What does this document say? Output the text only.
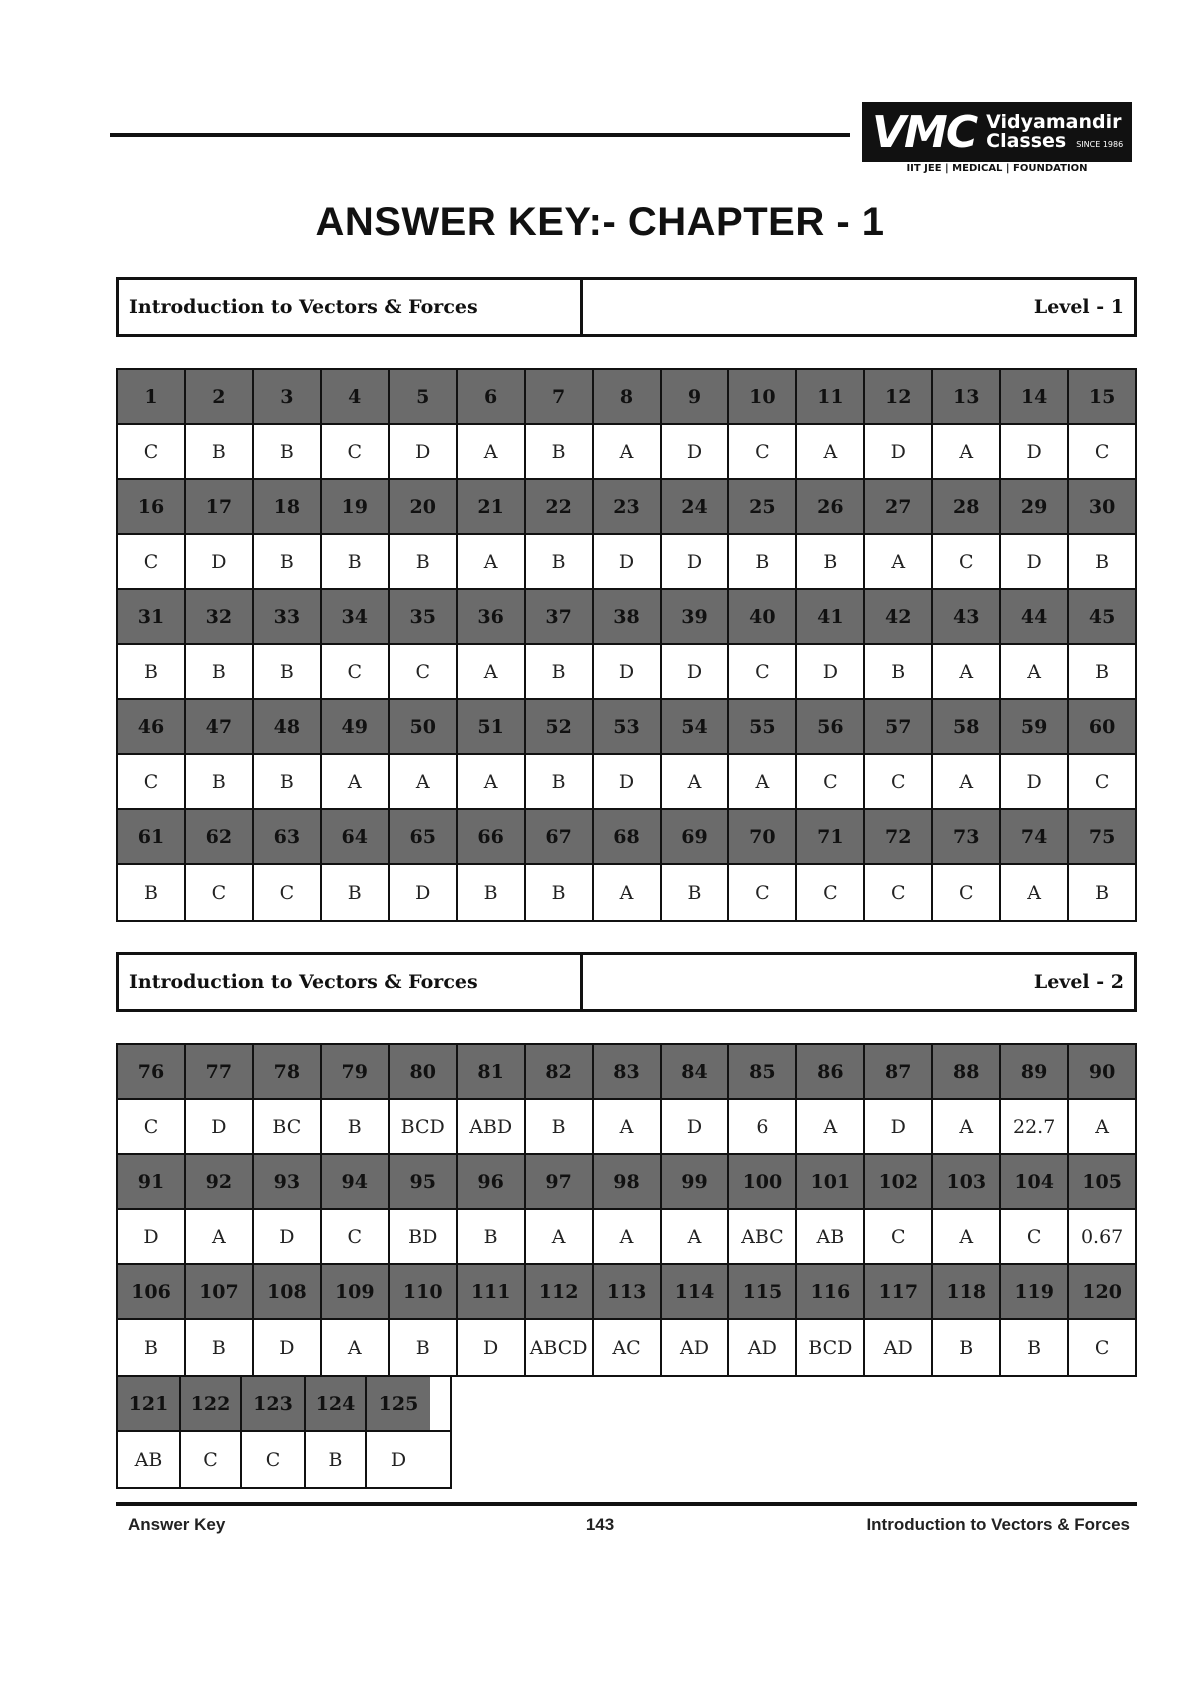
VMC Vidyamandir
Classes SINCE 1986
IIT JEE | MEDICAL | FOUNDATION
ANSWER KEY:- CHAPTER - 1
Introduction to Vectors & Forces	Level - 1
1	2	3	4	5	6	7	8	9	10	11	12	13	14	15
C	B	B	C	D	A	B	A	D	C	A	D	A	D	C
16	17	18	19	20	21	22	23	24	25	26	27	28	29	30
C	D	B	B	B	A	B	D	D	B	B	A	C	D	B
31	32	33	34	35	36	37	38	39	40	41	42	43	44	45
B	B	B	C	C	A	B	D	D	C	D	B	A	A	B
46	47	48	49	50	51	52	53	54	55	56	57	58	59	60
C	B	B	A	A	A	B	D	A	A	C	C	A	D	C
61	62	63	64	65	66	67	68	69	70	71	72	73	74	75
B	C	C	B	D	B	B	A	B	C	C	C	C	A	B
Introduction to Vectors & Forces	Level - 2
76	77	78	79	80	81	82	83	84	85	86	87	88	89	90
C	D	BC	B	BCD	ABD	B	A	D	6	A	D	A	22.7	A
91	92	93	94	95	96	97	98	99	100	101	102	103	104	105
D	A	D	C	BD	B	A	A	A	ABC	AB	C	A	C	0.67
106	107	108	109	110	111	112	113	114	115	116	117	118	119	120
B	B	D	A	B	D	ABCD	AC	AD	AD	BCD	AD	B	B	C
121	122	123	124	125
AB	C	C	B	D
Answer Key	143	Introduction to Vectors & Forces
